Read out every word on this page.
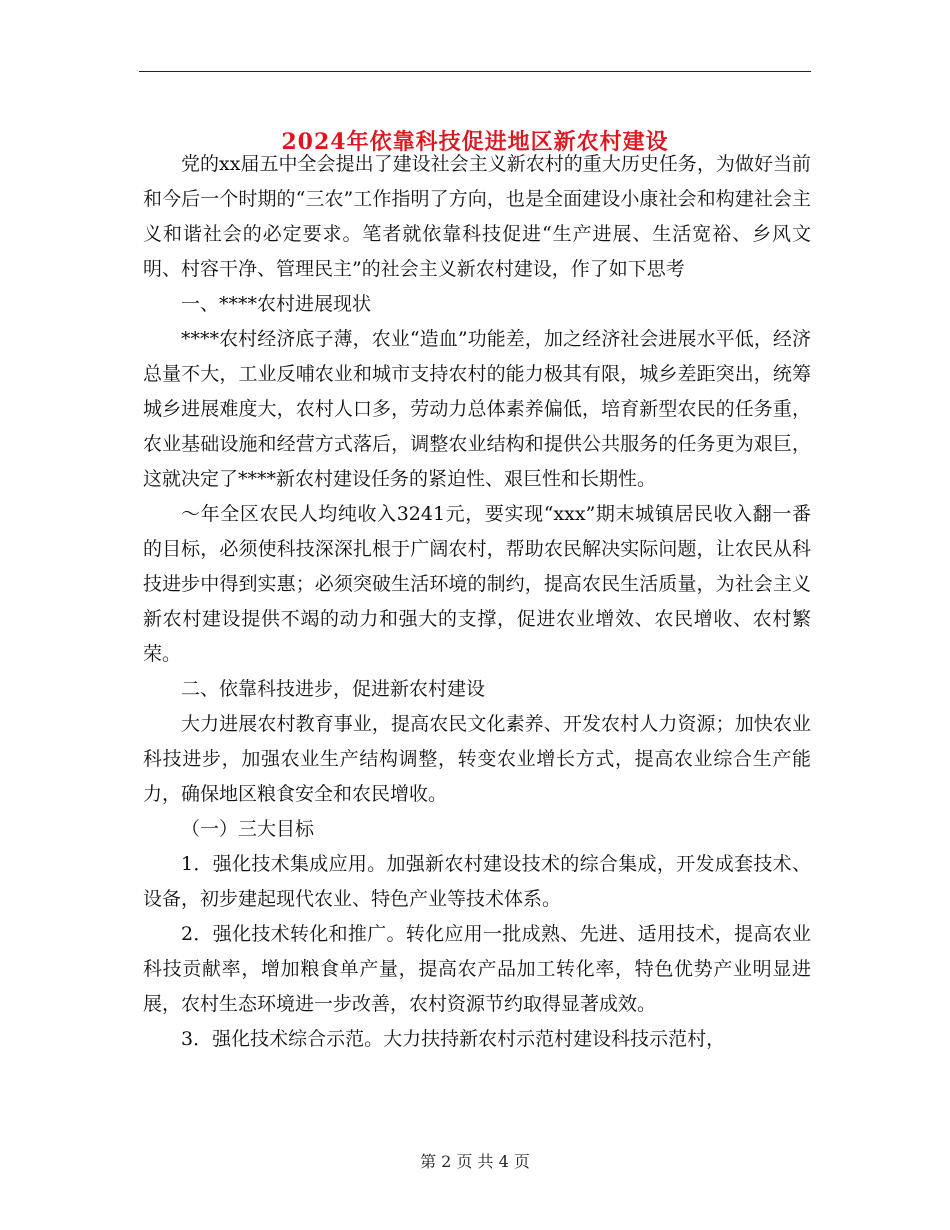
2024年依靠科技促进地区新农村建设

党的xx届五中全会提出了建设社会主义新农村的重大历史任务，为做好当前和今后一个时期的“三农”工作指明了方向，也是全面建设小康社会和构建社会主义和谐社会的必定要求。笔者就依靠科技促进“生产进展、生活宽裕、乡风文明、村容干净、管理民主”的社会主义新农村建设，作了如下思考

一、****农村进展现状

****农村经济底子薄，农业“造血”功能差，加之经济社会进展水平低，经济总量不大，工业反哺农业和城市支持农村的能力极其有限，城乡差距突出，统筹城乡进展难度大，农村人口多，劳动力总体素养偏低，培育新型农民的任务重，农业基础设施和经营方式落后，调整农业结构和提供公共服务的任务更为艰巨，这就决定了****新农村建设任务的紧迫性、艰巨性和长期性。

～年全区农民人均纯收入3241元，要实现“xxx”期末城镇居民收入翻一番的目标，必须使科技深深扎根于广阔农村，帮助农民解决实际问题，让农民从科技进步中得到实惠；必须突破生活环境的制约，提高农民生活质量，为社会主义新农村建设提供不竭的动力和强大的支撑，促进农业增效、农民增收、农村繁荣。

二、依靠科技进步，促进新农村建设

大力进展农村教育事业，提高农民文化素养、开发农村人力资源；加快农业科技进步，加强农业生产结构调整，转变农业增长方式，提高农业综合生产能力，确保地区粮食安全和农民增收。

（一）三大目标

1．强化技术集成应用。加强新农村建设技术的综合集成，开发成套技术、设备，初步建起现代农业、特色产业等技术体系。

2．强化技术转化和推广。转化应用一批成熟、先进、适用技术，提高农业科技贡献率，增加粮食单产量，提高农产品加工转化率，特色优势产业明显进展，农村生态环境进一步改善，农村资源节约取得显著成效。

3．强化技术综合示范。大力扶持新农村示范村建设科技示范村，

第 2 页 共 4 页
